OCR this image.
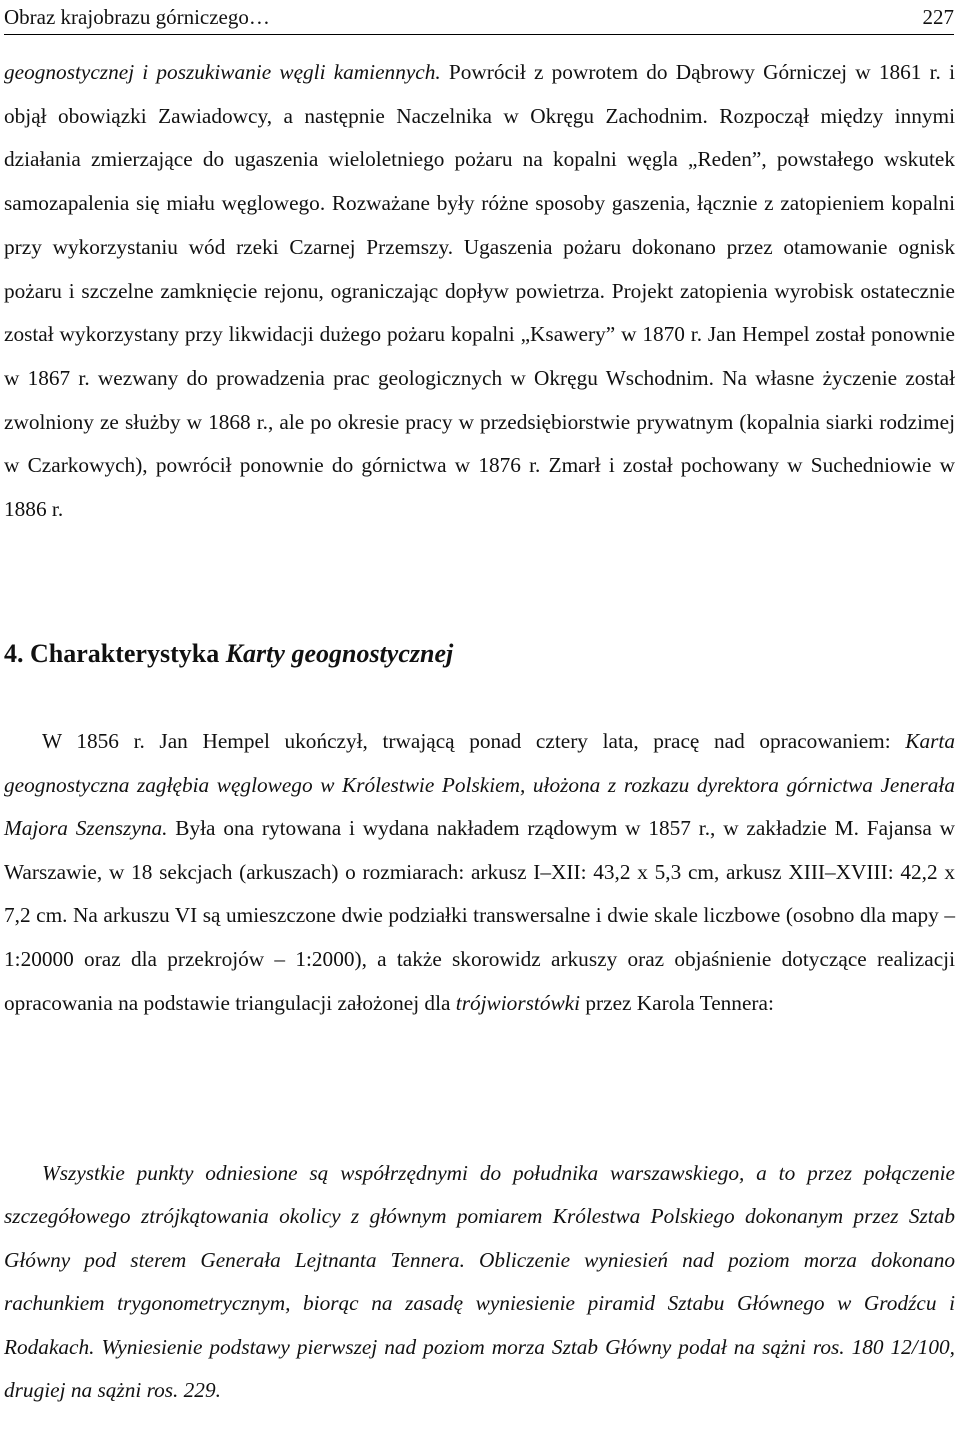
Obraz krajobrazu górniczego…	227

geognostycznej i poszukiwanie węgli kamiennych. Powrócił z powrotem do Dąbrowy Górniczej w 1861 r. i objął obowiązki Zawiadowcy, a następnie Naczelnika w Okręgu Zachodnim. Rozpoczął między innymi działania zmierzające do ugaszenia wieloletniego pożaru na kopalni węgla „Reden”, powstałego wskutek samozapalenia się miału węglowego. Rozważane były różne sposoby gaszenia, łącznie z zatopieniem kopalni przy wykorzystaniu wód rzeki Czarnej Przemszy. Ugaszenia pożaru dokonano przez otamowanie ognisk pożaru i szczelne zamknięcie rejonu, ograniczając dopływ powietrza. Projekt zatopienia wyrobisk ostatecznie został wykorzystany przy likwidacji dużego pożaru kopalni „Ksawery” w 1870 r. Jan Hempel został ponownie w 1867 r. wezwany do prowadzenia prac geologicznych w Okręgu Wschodnim. Na własne życzenie został zwolniony ze służby w 1868 r., ale po okresie pracy w przedsiębiorstwie prywatnym (kopalnia siarki rodzimej w Czarkowych), powrócił ponownie do górnictwa w 1876 r. Zmarł i został pochowany w Suchedniowie w 1886 r.

4. Charakterystyka Karty geognostycznej

W 1856 r. Jan Hempel ukończył, trwającą ponad cztery lata, pracę nad opracowaniem: Karta geognostyczna zagłębia węglowego w Królestwie Polskiem, ułożona z rozkazu dyrektora górnictwa Jenerała Majora Szenszyna. Była ona rytowana i wydana nakładem rządowym w 1857 r., w zakładzie M. Fajansa w Warszawie, w 18 sekcjach (arkuszach) o rozmiarach: arkusz I–XII: 43,2 x 5,3 cm, arkusz XIII–XVIII: 42,2 x 7,2 cm. Na arkuszu VI są umieszczone dwie podziałki transwersalne i dwie skale liczbowe (osobno dla mapy – 1:20000 oraz dla przekrojów – 1:2000), a także skorowidz arkuszy oraz objaśnienie dotyczące realizacji opracowania na podstawie triangulacji założonej dla trójwiorstówki przez Karola Tennera:

Wszystkie punkty odniesione są współrzędnymi do południka warszawskiego, a to przez połączenie szczegółowego ztrójkątowania okolicy z głównym pomiarem Królestwa Polskiego dokonanym przez Sztab Główny pod sterem Generała Lejtnanta Tennera. Obliczenie wyniesień nad poziom morza dokonano rachunkiem trygonometrycznym, biorąc na zasadę wyniesienie piramid Sztabu Głównego w Grodźcu i Rodakach. Wyniesienie podstawy pierwszej nad poziom morza Sztab Główny podał na sążni ros. 180 12/100, drugiej na sążni ros. 229.
